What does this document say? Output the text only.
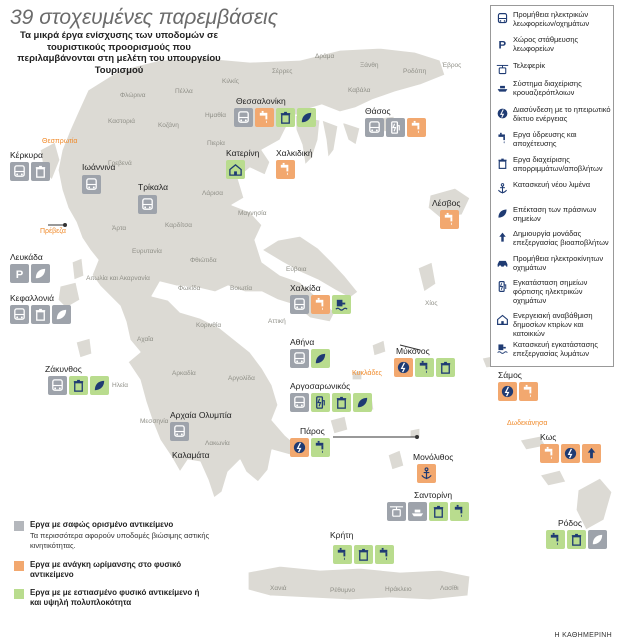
39 στοχευμένες παρεμβάσεις
Τα μικρά έργα ενίσχυσης των υποδομών σε τουριστικούς προορισμούς που περιλαμβάνονται στη μελέτη του υπουργείου Τουρισμού
Φλώρινα
Πέλλα
Κιλκίς
Σέρρες
Δράμα
Ξάνθη
Καβάλα
Ροδόπη
Έβρος
Καστοριά
Κοζάνη
Ημαθία
Πιερία
Γρεβενά
Θεσπρωτία
Άρτα
Λάρισα
Μαγνησία
Καρδίτσα
Φθιώτιδα
Ευρυτανία
Πρέβεζα
Αιτωλία και Ακαρνανία
Φωκίδα	Βοιωτία
Εύβοια
Αττική
Κορινθία
Αχαΐα
Ηλεία
Αρκαδία
Αργολίδα
Μεσσηνία
Λακωνία
Χίος
Λασίθι
Ηράκλειο
Ρέθυμνο
Χανιά
Κυκλάδες
Δωδεκάνησα
Θεσσαλονίκη
Θάσος
Κέρκυρα
Ιωάννινα
Τρίκαλα
Κατερίνη Χαλκιδική
Λευκάδα
P
Κεφαλλονιά
Χαλκίδα
Λέσβος
Αθήνα
Ζάκυνθος
Μύκονος
Αργοσαρωνικός
Σάμος
Αρχαία Ολυμπία
Πάρος
Κως
Καλαμάτα	Μονόλιθος
Σαντορίνη
Ρόδος
Κρήτη
Προμήθεια ηλεκτρικών λεωφορείων/οχημάτων
P Χώρος στάθμευσης λεωφορείων
Τελεφερίκ
Σύστημα διαχείρισης κρουαζιερόπλοιων
Διασύνδεση με το ηπειρωτικό δίκτυο ενέργειας
Εργα ύδρευσης και αποχέτευσης
Εργα διαχείρισης απορριμμάτων/αποβλήτων
Κατασκευή νέου λιμένα
Επέκταση των πράσινων σημείων
Δημιουργία μονάδας επεξεργασίας βιοαποβλήτων
Προμήθεια ηλεκτροκίνητων οχημάτων
Εγκατάσταση σημείων φόρτισης ηλεκτρικών οχημάτων
Ενεργειακή αναβάθμιση δημοσίων κτιρίων και κατοικιών
Κατασκευή εγκατάστασης επεξεργασίας λυμάτων
Εργα με σαφώς ορισμένο αντικείμενο
Τα περισσότερα αφορούν υποδομές βιώσιμης αστικής κινητικότητας.
Εργα με ανάγκη ωρίμανσης στο φυσικό αντικείμενο
Εργα με με εστιασμένο φυσικό αντικείμενο ή και υψηλή πολυπλοκότητα
Η ΚΑΘΗΜΕΡΙΝΗ
